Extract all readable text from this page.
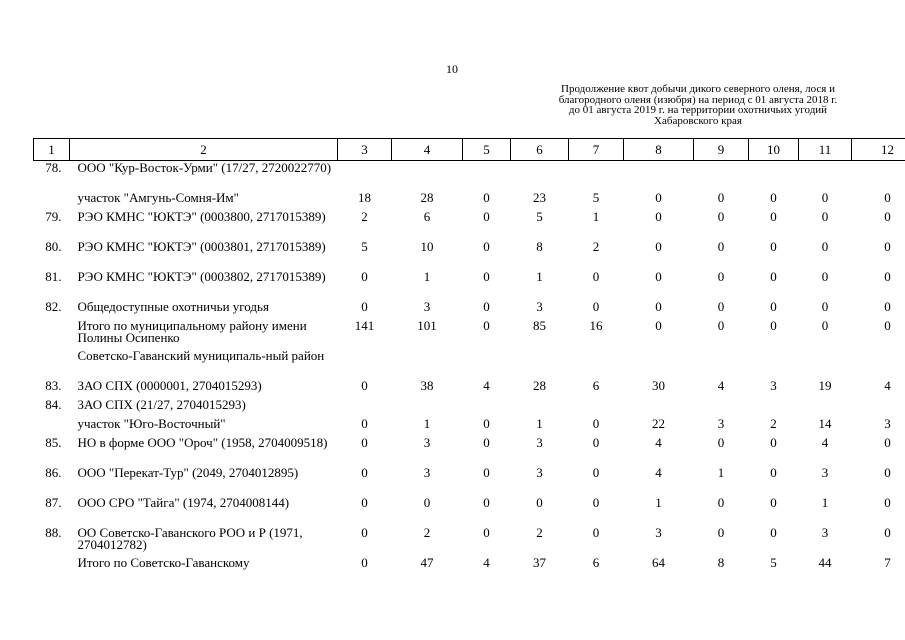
10
Продолжение квот добычи дикого северного оленя, лося и
благородного оленя (изюбря) на период с 01 августа 2018 г.
до 01 августа 2019 г. на территории охотничьих угодий
Хабаровского края
1	2	3	4	5	6	7	8	9	10	11	12
78.	ООО "Кур-Восток-Урми" (17/27, 2720022770)										
	участок "Амгунь-Сомня-Им"	18	28	0	23	5	0	0	0	0	0
79.	РЭО КМНС "ЮКТЭ" (0003800, 2717015389)	2	6	0	5	1	0	0	0	0	0
80.	РЭО КМНС "ЮКТЭ" (0003801, 2717015389)	5	10	0	8	2	0	0	0	0	0
81.	РЭО КМНС "ЮКТЭ" (0003802, 2717015389)	0	1	0	1	0	0	0	0	0	0
82.	Общедоступные охотничьи угодья	0	3	0	3	0	0	0	0	0	0
	Итого по муниципальному району имени Полины Осипенко	141	101	0	85	16	0	0	0	0	0
	Советско-Гаванский муниципаль-ный район										
83.	ЗАО СПХ (0000001, 2704015293)	0	38	4	28	6	30	4	3	19	4
84.	ЗАО СПХ (21/27, 2704015293)										
	участок "Юго-Восточный"	0	1	0	1	0	22	3	2	14	3
85.	НО в форме ООО "Ороч" (1958, 2704009518)	0	3	0	3	0	4	0	0	4	0
86.	ООО "Перекат-Тур" (2049, 2704012895)	0	3	0	3	0	4	1	0	3	0
87.	ООО СРО "Тайга" (1974, 2704008144)	0	0	0	0	0	1	0	0	1	0
88.	ОО Советско-Гаванского РОО и Р (1971, 2704012782)	0	2	0	2	0	3	0	0	3	0
	Итого по Советско-Гаванскому	0	47	4	37	6	64	8	5	44	7
